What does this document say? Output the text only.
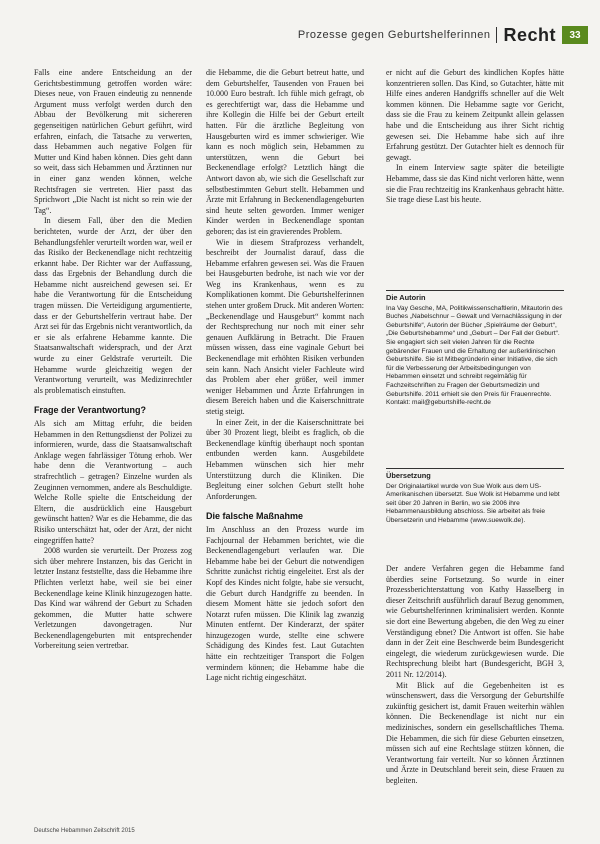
Prozesse gegen Geburtshelferinnen Recht	33

Falls eine andere Entscheidung an der Gerichtsbestimmung getroffen worden wäre: Dieses neue, von Frauen eindeutig zu nennende Argument muss verfolgt werden durch den Abbau der Bevölkerung mit sichereren gegenseitigen natürlichen Geburt geführt, wird erfahren, einfach, die Tatsache zu verwerten, dass Hebammen auch negative Folgen für Mutter und Kind haben können. Dies geht dann so weit, dass sich Hebammen und Ärztinnen nur in einer ganz wenden können, welche Rechtsfragen sie vertreten. Hier passt das Sprichwort „Die Nacht ist nicht so rein wie der Tag“.

In diesem Fall, über den die Medien berichteten, wurde der Arzt, der über den Behandlungsfehler verurteilt worden war, weil er das Risiko der Beckenendlage nicht rechtzeitig erkannt habe. Der Richter war der Auffassung, dass das Ergebnis der Behandlung durch die Hebamme nicht ausreichend gewesen sei. Er habe die Verantwortung für die Entscheidung tragen müssen. Die Verteidigung argumentierte, dass er der Geburtshelferin vertraut habe. Der Arzt sei für das Ergebnis nicht verantwortlich, da er sie als erfahrene Hebamme kannte. Die Staatsanwaltschaft widersprach, und der Arzt wurde zu einer Geldstrafe verurteilt. Die Hebamme wurde gleichzeitig wegen der Verantwortung verurteilt, was Medizinrechtler als problematisch einstuften.

Frage der Verantwortung?

Als sich am Mittag erfuhr, die beiden Hebammen in den Rettungsdienst der Polizei zu informieren, wurde, dass die Staatsanwaltschaft Anklage wegen fahrlässiger Tötung erhob. Wer habe denn die Verantwortung – auch strafrechtlich – getragen? Einzelne wurden als Zeuginnen vernommen, andere als Beschuldigte. Welche Rolle spielte die Entscheidung der Eltern, die ausdrücklich eine Hausgeburt gewünscht hatten? War es die Hebamme, die das Risiko unterschätzt hat, oder der Arzt, der nicht eingegriffen hatte?

2008 wurden sie verurteilt. Der Prozess zog sich über mehrere Instanzen, bis das Gericht in letzter Instanz feststellte, dass die Hebamme ihre Pflichten verletzt habe, weil sie bei einer Beckenendlage keine Klinik hinzugezogen hatte. Das Kind war während der Geburt zu Schaden gekommen, die Mutter hatte schwere Verletzungen davongetragen. Nur Beckenendlagengeburten mit entsprechender Vorbereitung seien vertretbar.

die Hebamme, die die Geburt betreut hatte, und dem Geburtshelfer, Tausenden von Frauen bei 10.000 Euro bestraft. Ich fühle mich gefragt, ob es gerechtfertigt war, dass die Hebamme und ihre Kollegin die Hilfe bei der Geburt erteilt hatten. Für die ärztliche Begleitung von Hausgeburten wird es immer schwieriger. Wie kann es noch möglich sein, Hebammen zu unterstützen, wenn die Geburt bei Beckenendlage erfolgt? Letztlich hängt die Antwort davon ab, wie sich die Gesellschaft zur selbstbestimmten Geburt stellt. Hebammen und Ärzte mit Erfahrung in Beckenendlagengeburten sind heute selten geworden. Immer weniger Kinder werden in Beckenendlage spontan geboren; das ist ein gravierendes Problem.

Wie in diesem Strafprozess verhandelt, beschreibt der Journalist darauf, dass die Hebamme erfahren gewesen sei. Was die Frauen bei Hausgeburten bedrohe, ist nach wie vor der Weg ins Krankenhaus, wenn es zu Komplikationen kommt. Die Geburtshelferinnen stehen unter großem Druck. Mit anderen Worten: „Beckenendlage und Hausgeburt“ kommt nach der Rechtsprechung nur noch mit einer sehr genauen Aufklärung in Betracht. Die Frauen müssen wissen, dass eine vaginale Geburt bei Beckenendlage mit erhöhten Risiken verbunden sein kann. Nach Ansicht vieler Fachleute wird das Problem aber eher größer, weil immer weniger Hebammen und Ärzte Erfahrungen in diesem Bereich haben und die Kaiserschnittrate stetig steigt.

In einer Zeit, in der die Kaiserschnittrate bei über 30 Prozent liegt, bleibt es fraglich, ob die Beckenendlage künftig überhaupt noch spontan entbunden werden kann. Ausgebildete Hebammen wünschen sich hier mehr Unterstützung durch die Kliniken. Die Begleitung einer solchen Geburt stellt hohe Anforderungen.

Die falsche Maßnahme

Im Anschluss an den Prozess wurde im Fachjournal der Hebammen berichtet, wie die Beckenendlagengeburt verlaufen war. Die Hebamme habe bei der Geburt die notwendigen Schritte zunächst richtig eingeleitet. Erst als der Kopf des Kindes nicht folgte, habe sie versucht, die Geburt durch Handgriffe zu beenden. In diesem Moment hätte sie jedoch sofort den Notarzt rufen müssen. Die Klinik lag zwanzig Minuten entfernt. Der Kinderarzt, der später hinzugezogen wurde, stellte eine schwere Schädigung des Kindes fest. Laut Gutachten hätte ein rechtzeitiger Transport die Folgen vermindern können; die Hebamme habe die Lage nicht richtig eingeschätzt.

er nicht auf die Geburt des kindlichen Kopfes hätte konzentrieren sollen. Das Kind, so Gutachter, hätte mit Hilfe eines anderen Handgriffs schneller auf die Welt kommen können. Die Hebamme sagte vor Gericht, dass sie die Frau zu keinem Zeitpunkt allein gelassen habe und die Entscheidung aus ihrer Sicht richtig gewesen sei. Die Hebamme habe sich auf ihre Erfahrung gestützt. Der Gutachter hielt es dennoch für gewagt.

In einem Interview sagte später die beteiligte Hebamme, dass sie das Kind nicht verloren hätte, wenn sie die Frau rechtzeitig ins Krankenhaus gebracht hätte. Sie trage diese Last bis heute.

Die Autorin
Ina Vay Gesche, MA, Politikwissenschaftlerin, Mitautorin des Buches „Nabelschnur – Gewalt und Vernachlässigung in der Geburtshilfe“, Autorin der Bücher „Spielräume der Geburt“, „Die Geburtshebamme“ und „Geburt – Der Fall der Geburt“. Sie engagiert sich seit vielen Jahren für die Rechte gebärender Frauen und die Erhaltung der außerklinischen Geburtshilfe. Sie ist Mitbegründerin einer Initiative, die sich für die Verbesserung der Arbeitsbedingungen von Hebammen einsetzt und schreibt regelmäßig für Fachzeitschriften zu Fragen der Geburtsmedizin und Geburtshilfe. 2011 erhielt sie den Preis für Frauenrechte. Kontakt: mail@geburtshilfe-recht.de
Übersetzung
Der Originalartikel wurde von Sue Wolk aus dem US-Amerikanischen übersetzt. Sue Wolk ist Hebamme und lebt seit über 20 Jahren in Berlin, wo sie 2006 ihre Hebammenausbildung abschloss. Sie arbeitet als freie Übersetzerin und Hebamme (www.suewolk.de).

Der andere Verfahren gegen die Hebamme fand überdies seine Fortsetzung. So wurde in einer Prozessberichterstattung von Kathy Hasselberg in dieser Zeitschrift ausführlich darauf Bezug genommen, wie Geburtshelferinnen kriminalisiert werden. Konnte sie dort eine Bewertung abgeben, die den Weg zu einer Verständigung ebnet? Die Antwort ist offen. Sie habe dann in der Zeit eine Beschwerde beim Bundesgericht eingelegt, die wiederum zurückgewiesen wurde. Die Rechtsprechung bleibt hart (Bundesgericht, BGH 3, 2011 Nr. 12/2014).

Mit Blick auf die Gegebenheiten ist es wünschenswert, dass die Versorgung der Geburtshilfe zukünftig gesichert ist, damit Frauen weiterhin wählen können. Die Beckenendlage ist nicht nur ein medizinisches, sondern ein gesellschaftliches Thema. Die Hebammen, die sich für diese Geburten einsetzen, müssen sich auf eine Rechtslage stützen können, die Verantwortung fair verteilt. Nur so können Ärztinnen und Ärzte in Deutschland bereit sein, diese Frauen zu begleiten.

Deutsche Hebammen Zeitschrift 2015
